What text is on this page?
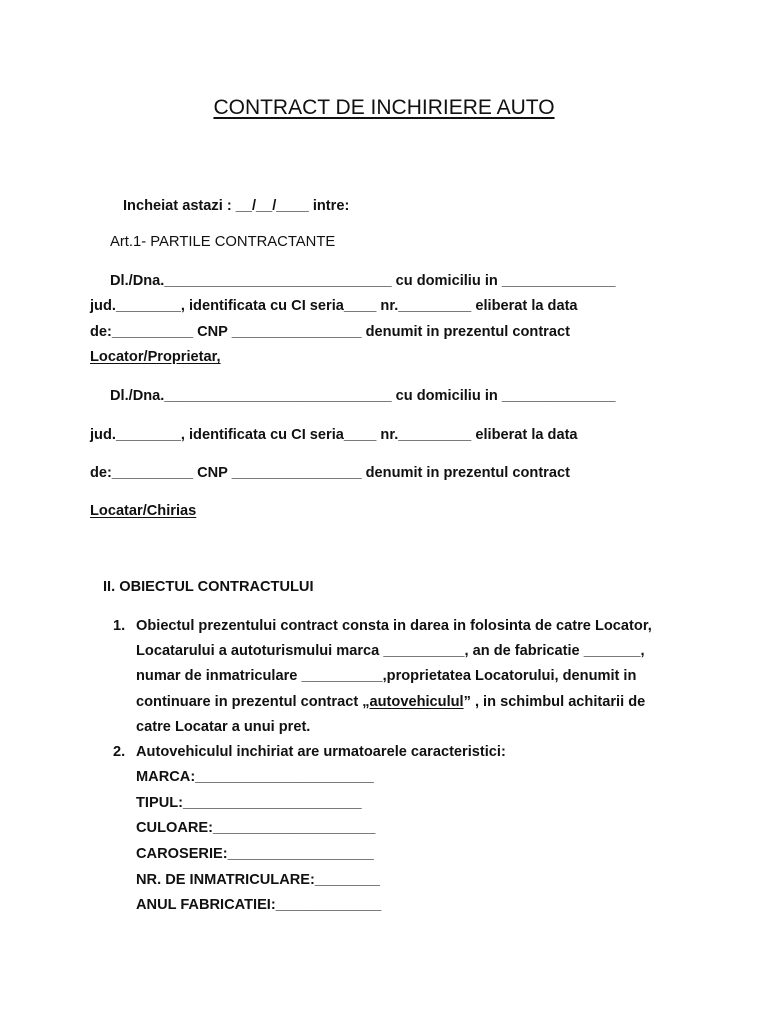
CONTRACT DE INCHIRIERE AUTO
Incheiat astazi : __/__/____ intre:
Art.1- PARTILE CONTRACTANTE
Dl./Dna.____________________________ cu domiciliu in ______________
jud.________, identificata cu CI seria____ nr._________ eliberat la data
de:__________ CNP ________________ denumit in prezentul contract
Locator/Proprietar,
Dl./Dna.____________________________ cu domiciliu in ______________
jud.________, identificata cu CI seria____ nr._________ eliberat la data
de:__________ CNP ________________ denumit in prezentul contract
Locatar/Chirias
II. OBIECTUL CONTRACTULUI
1. Obiectul prezentului contract consta in darea in folosinta de catre Locator,
Locatarului a autoturismului marca __________, an de fabricatie _______,
numar de inmatriculare __________,proprietatea Locatorului, denumit in
continuare in prezentul contract „autovehiculul” , in schimbul achitarii de
catre Locatar a unui pret.
2. Autovehiculul inchiriat are urmatoarele caracteristici:
MARCA:______________________
TIPUL:______________________
CULOARE:____________________
CAROSERIE:__________________
NR. DE INMATRICULARE:________
ANUL FABRICATIEI:_____________
